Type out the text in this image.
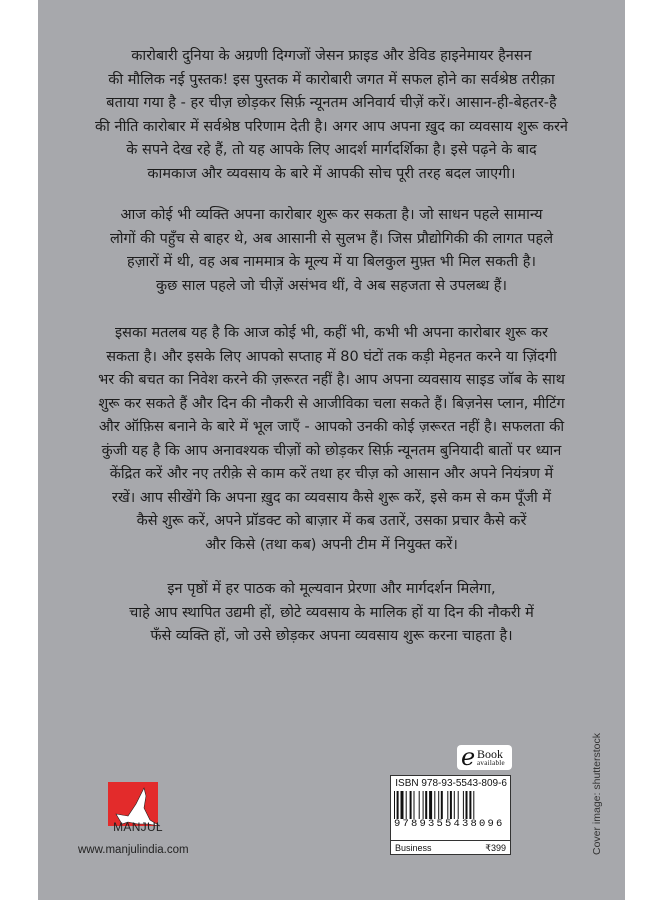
कारोबारी दुनिया के अग्रणी दिग्गजों जेसन फ्राइड और डेविड हाइनेमायर हैनसन
की मौलिक नई पुस्तक! इस पुस्तक में कारोबारी जगत में सफल होने का सर्वश्रेष्ठ तरीक़ा
बताया गया है - हर चीज़ छोड़कर सिर्फ़ न्यूनतम अनिवार्य चीज़ें करें। आसान-ही-बेहतर-है
की नीति कारोबार में सर्वश्रेष्ठ परिणाम देती है। अगर आप अपना ख़ुद का व्यवसाय शुरू करने
के सपने देख रहे हैं, तो यह आपके लिए आदर्श मार्गदर्शिका है। इसे पढ़ने के बाद
कामकाज और व्यवसाय के बारे में आपकी सोच पूरी तरह बदल जाएगी।
आज कोई भी व्यक्ति अपना कारोबार शुरू कर सकता है। जो साधन पहले सामान्य
लोगों की पहुँच से बाहर थे, अब आसानी से सुलभ हैं। जिस प्रौद्योगिकी की लागत पहले
हज़ारों में थी, वह अब नाममात्र के मूल्य में या बिलकुल मुफ़्त भी मिल सकती है।
कुछ साल पहले जो चीज़ें असंभव थीं, वे अब सहजता से उपलब्ध हैं।
इसका मतलब यह है कि आज कोई भी, कहीं भी, कभी भी अपना कारोबार शुरू कर
सकता है। और इसके लिए आपको सप्ताह में 80 घंटों तक कड़ी मेहनत करने या ज़िंदगी
भर की बचत का निवेश करने की ज़रूरत नहीं है। आप अपना व्यवसाय साइड जॉब के साथ
शुरू कर सकते हैं और दिन की नौकरी से आजीविका चला सकते हैं। बिज़नेस प्लान, मीटिंग
और ऑफ़िस बनाने के बारे में भूल जाएँ - आपको उनकी कोई ज़रूरत नहीं है। सफलता की
कुंजी यह है कि आप अनावश्यक चीज़ों को छोड़कर सिर्फ़ न्यूनतम बुनियादी बातों पर ध्यान
केंद्रित करें और नए तरीक़े से काम करें तथा हर चीज़ को आसान और अपने नियंत्रण में
रखें। आप सीखेंगे कि अपना ख़ुद का व्यवसाय कैसे शुरू करें, इसे कम से कम पूँजी में
कैसे शुरू करें, अपने प्रॉडक्ट को बाज़ार में कब उतारें, उसका प्रचार कैसे करें
और किसे (तथा कब) अपनी टीम में नियुक्त करें।
इन पृष्ठों में हर पाठक को मूल्यवान प्रेरणा और मार्गदर्शन मिलेगा,
चाहे आप स्थापित उद्यमी हों, छोटे व्यवसाय के मालिक हों या दिन की नौकरी में
फँसे व्यक्ति हों, जो उसे छोड़कर अपना व्यवसाय शुरू करना चाहता है।
MANJUL
www.manjulindia.com
e Book
available
ISBN 978-93-5543-809-6
9789355438096
Business	₹399	Cover image: shutterstock
